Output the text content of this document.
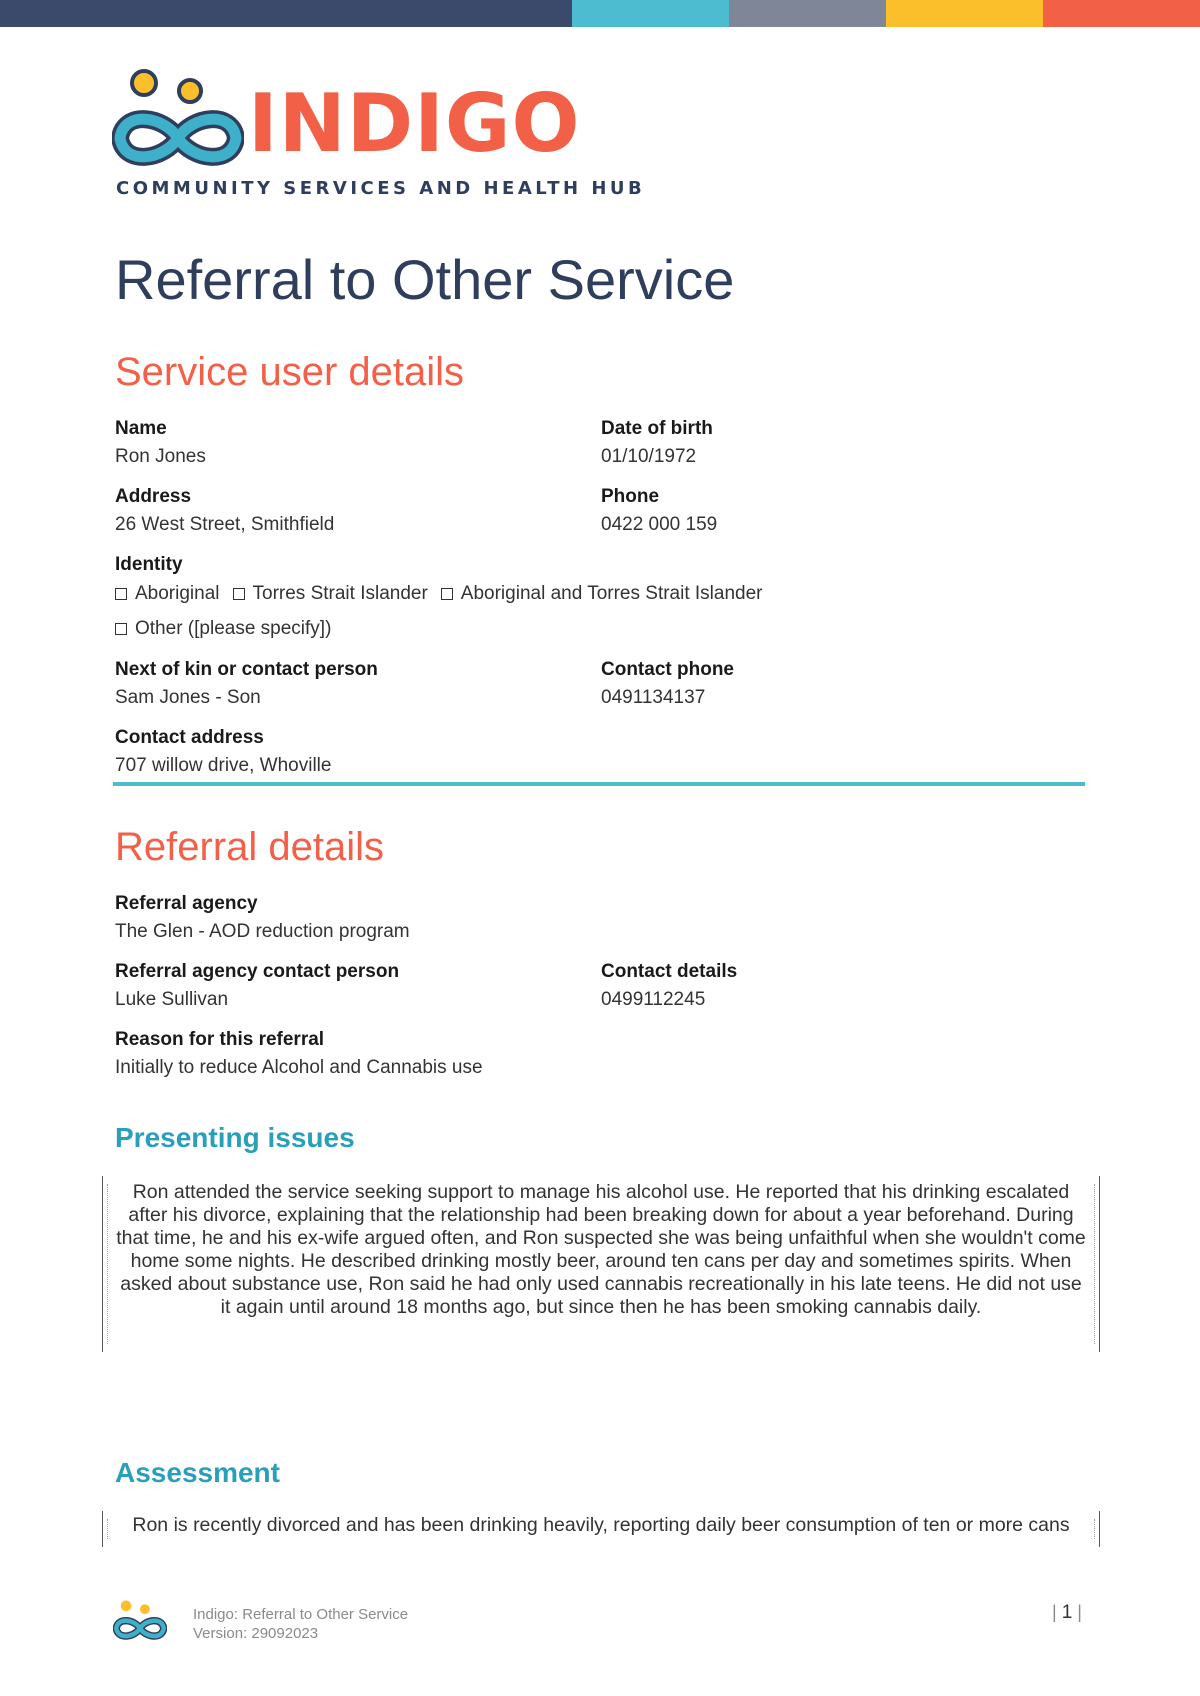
INDIGO
COMMUNITY SERVICES AND HEALTH HUB
Referral to Other Service
Service user details
Name
Ron Jones
Date of birth
01/10/1972
Address
26 West Street, Smithfield
Phone
0422 000 159
Identity
Aboriginal Torres Strait Islander Aboriginal and Torres Strait Islander
Other ([please specify])
Next of kin or contact person
Sam Jones - Son
Contact phone
0491134137
Contact address
707 willow drive, Whoville
Referral details
Referral agency
The Glen - AOD reduction program
Referral agency contact person
Luke Sullivan
Contact details
0499112245
Reason for this referral
Initially to reduce Alcohol and Cannabis use
Presenting issues
Ron attended the service seeking support to manage his alcohol use. He reported that his drinking escalated after his divorce, explaining that the relationship had been breaking down for about a year beforehand. During that time, he and his ex-wife argued often, and Ron suspected she was being unfaithful when she wouldn't come home some nights. He described drinking mostly beer, around ten cans per day and sometimes spirits. When asked about substance use, Ron said he had only used cannabis recreationally in his late teens. He did not use it again until around 18 months ago, but since then he has been smoking cannabis daily.
Assessment
Ron is recently divorced and has been drinking heavily, reporting daily beer consumption of ten or more cans
Indigo: Referral to Other Service
Version: 29092023
| 1 |
